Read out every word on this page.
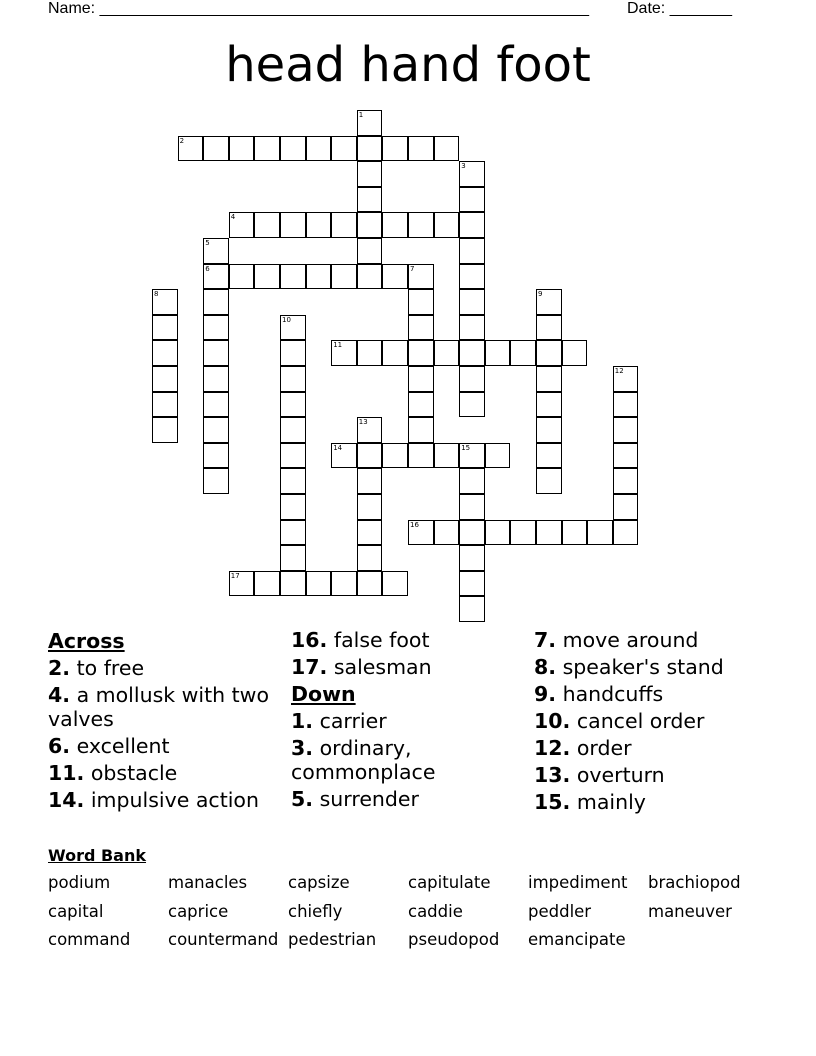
Name: _______________________________________________________ Date: _______
head hand foot
1
2
3
4
5
6	7
8	9
10
11
12
13
14	15
16
17
Across
2. to free
4. a mollusk with two valves
6. excellent
11. obstacle
14. impulsive action
16. false foot
17. salesman
Down
1. carrier
3. ordinary, commonplace
5. surrender
7. move around
8. speaker's stand
9. handcuffs
10. cancel order
12. order
13. overturn
15. mainly
Word Bank
podium	manacles capsize	capitulate impediment brachiopod
capital	caprice	chiefly	caddie	peddler	maneuver
command countermand pedestrian pseudopod emancipate
